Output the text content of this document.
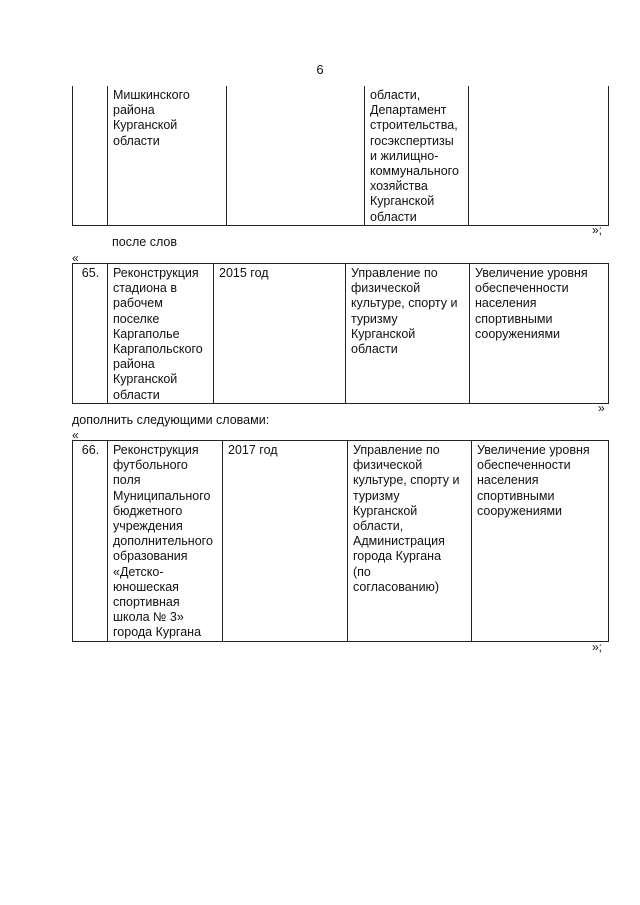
6
	Мишкинского
района
Курганской
области		области,
Департамент
строительства,
госэкспертизы
и жилищно-
коммунального
хозяйства
Курганской
области	
»;
после слов
«
65.	Реконструкция
стадиона в
рабочем
поселке
Каргаполье
Каргапольского
района
Курганской
области	2015 год	Управление по
физической
культуре, спорту и
туризму
Курганской
области	Увеличение уровня
обеспеченности
населения
спортивными
сооружениями
»
дополнить следующими словами:
«
66.	Реконструкция
футбольного
поля
Муниципального
бюджетного
учреждения
дополнительного
образования
«Детско-
юношеская
спортивная
школа № 3»
города Кургана	2017 год	Управление по
физической
культуре, спорту и
туризму
Курганской
области,
Администрация
города Кургана
(по
согласованию)	Увеличение уровня
обеспеченности
населения
спортивными
сооружениями
»;
